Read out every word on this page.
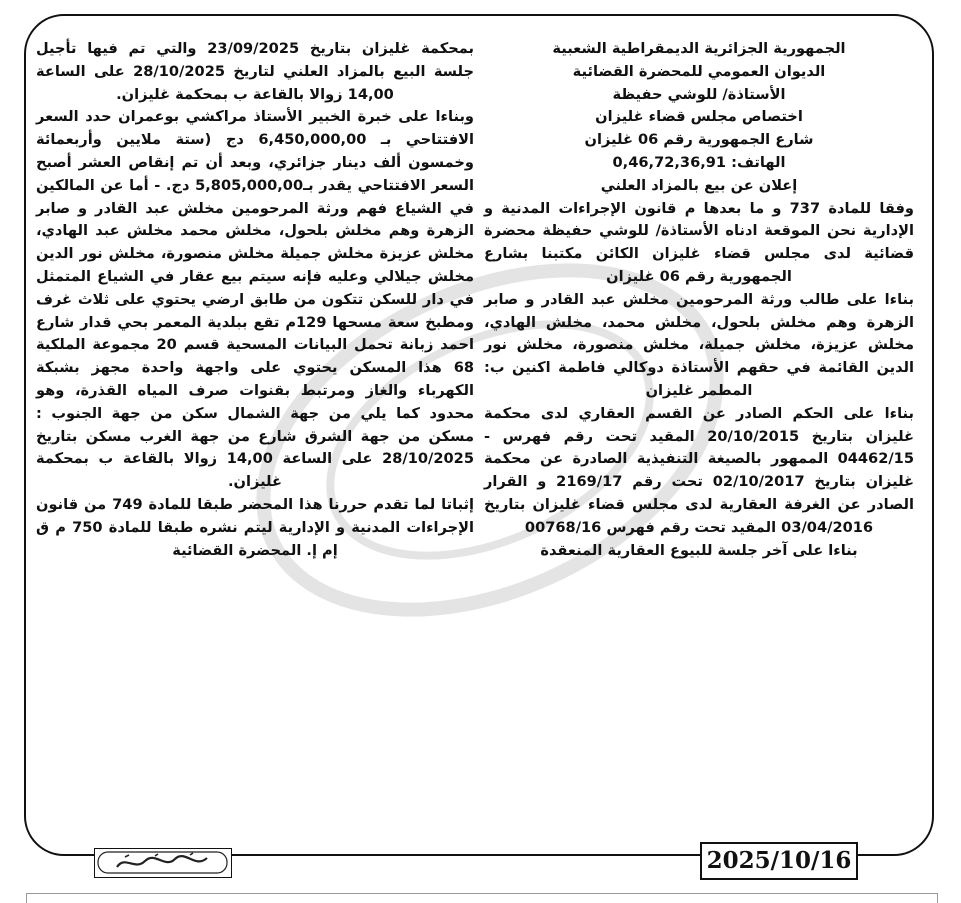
الجمهورية الجزائرية الديمقراطية الشعبية

الديوان العمومي للمحضرة القضائية

الأستاذة/ للوشي حفيظة

اختصاص مجلس قضاء غليزان

شارع الجمهورية رقم 06 غليزان

الهاتف: 0,46,72,36,91

إعلان عن بيع بالمزاد العلني

وفقا للمادة 737 و ما بعدها م قانون الإجراءات المدنية و الإدارية نحن الموقعة ادناه الأستاذة/ للوشي حفيظة محضرة قضائية لدى مجلس قضاء غليزان الكائن مكتبنا بشارع الجمهورية رقم 06 غليزان

بناءا على طالب ورثة المرحومين مخلش عبد القادر و صابر الزهرة وهم مخلش بلحول، مخلش محمد، مخلش الهادي، مخلش عزيزة، مخلش جميلة، مخلش منصورة، مخلش نور الدين القائمة في حقهم الأستاذة دوكالي فاطمة اكنين ب: المطمر غليزان

بناءا على الحكم الصادر عن القسم العقاري لدى محكمة غليزان بتاريخ 20/10/2015 المقيد تحت رقم فهرس - 04462/15 الممهور بالصيغة التنفيذية الصادرة عن محكمة غليزان بتاريخ 02/10/2017 تحت رقم 2169/17 و القرار الصادر عن الغرفة العقارية لدى مجلس قضاء غليزان بتاريخ 03/04/2016 المقيد تحت رقم فهرس 00768/16

بناءا على آخر جلسة للبيوع العقارية المنعقدة

بمحكمة غليزان بتاريخ 23/09/2025 والتي تم فيها تأجيل جلسة البيع بالمزاد العلني لتاريخ 28/10/2025 على الساعة 14,00 زوالا بالقاعة ب بمحكمة غليزان.

وبناءا على خبرة الخبير الأستاذ مراكشي بوعمران حدد السعر الافتتاحي بـ 6,450,000,00 دج (ستة ملايين وأربعمائة وخمسون ألف دينار جزائري، وبعد أن تم إنقاص العشر أصبح السعر الافتتاحي يقدر بـ5,805,000,00 دج. - أما عن المالكين في الشياع فهم ورثة المرحومين مخلش عبد القادر و صابر الزهرة وهم مخلش بلحول، مخلش محمد مخلش عبد الهادي، مخلش عزيزة مخلش جميلة مخلش منصورة، مخلش نور الدين مخلش جيلالي وعليه فإنه سيتم بيع عقار في الشياع المتمثل في دار للسكن تتكون من طابق ارضي يحتوي على ثلاث غرف ومطبخ سعة مسحها 129م تقع ببلدية المعمر بحي قدار شارع احمد زبانة تحمل البيانات المسحية قسم 20 مجموعة الملكية 68 هذا المسكن يحتوي على واجهة واحدة مجهز بشبكة الكهرباء والغاز ومرتبط بقنوات صرف المياه القذرة، وهو محدود كما يلي من جهة الشمال سكن من جهة الجنوب : مسكن من جهة الشرق شارع من جهة الغرب مسكن بتاريخ 28/10/2025 على الساعة 14,00 زوالا بالقاعة ب بمحكمة غليزان.

إثباتا لما تقدم حررنا هذا المحضر طبقا للمادة 749 من قانون الإجراءات المدنية و الإدارية ليتم نشره طبقا للمادة 750 م ق إم إ. المحضرة القضائية

2025/10/16
